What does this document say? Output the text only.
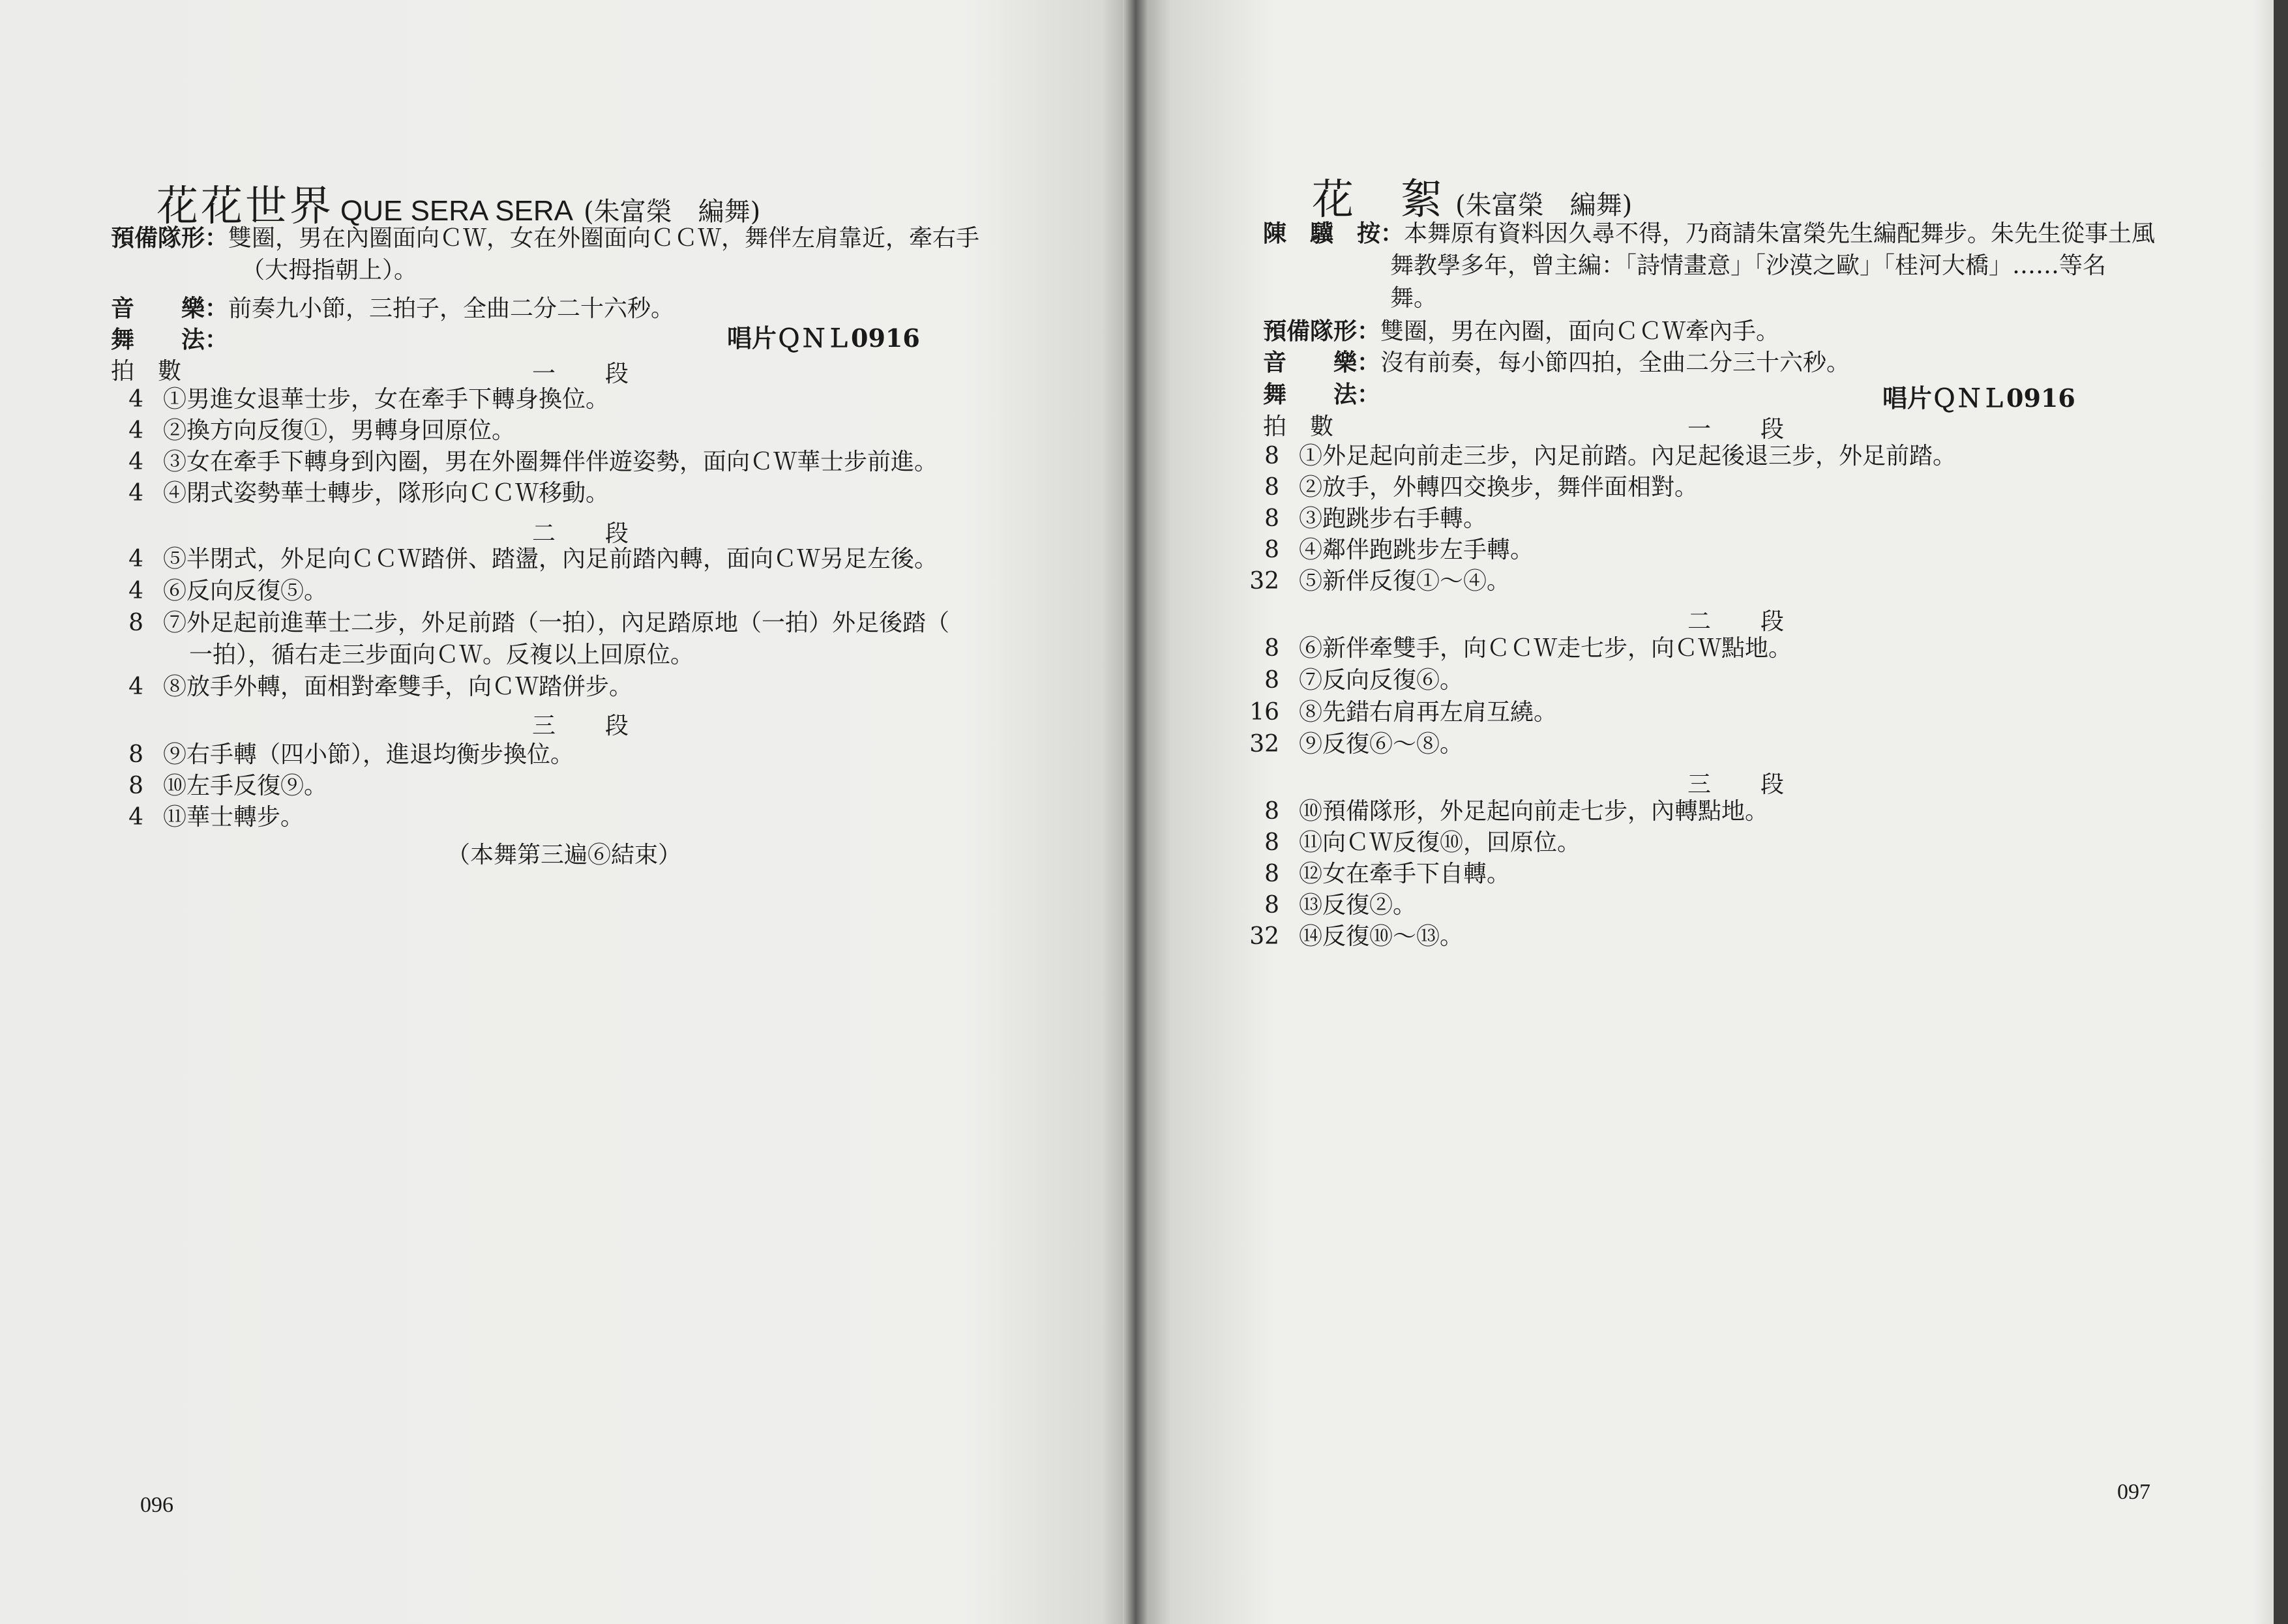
花花世界 QUE SERA SERA (朱富榮　編舞)
預備隊形：雙圈，男在內圈面向ＣＷ，女在外圈面向ＣＣＷ，舞伴左肩靠近，牽右手
（大拇指朝上）。
音　　樂：前奏九小節，三拍子，全曲二分二十六秒。
舞　　法：	唱片ＱＮＬ0916
拍　數	一　段
4 ①男進女退華士步，女在牽手下轉身換位。
4 ②換方向反復①，男轉身回原位。
4 ③女在牽手下轉身到內圈，男在外圈舞伴伴遊姿勢，面向ＣＷ華士步前進。
4 ④閉式姿勢華士轉步，隊形向ＣＣＷ移動。
二　段
4 ⑤半閉式，外足向ＣＣＷ踏併、踏盪，內足前踏內轉，面向ＣＷ另足左後。
4 ⑥反向反復⑤。
8 ⑦外足起前進華士二步，外足前踏（一拍），內足踏原地（一拍）外足後踏（
一拍），循右走三步面向ＣＷ。反複以上回原位。
4 ⑧放手外轉，面相對牽雙手，向ＣＷ踏併步。
三　段
8 ⑨右手轉（四小節），進退均衡步換位。
8 ⑩左手反復⑨。
4 ⑪華士轉步。
（本舞第三遍⑥結束）
096
花　絮 (朱富榮　編舞)
陳　驥　按：本舞原有資料因久尋不得，乃商請朱富榮先生編配舞步。朱先生從事土風
舞教學多年，曾主編：「詩情畫意」「沙漠之歐」「桂河大橋」……等名
舞。
預備隊形：雙圈，男在內圈，面向ＣＣＷ牽內手。
音　　樂：沒有前奏，每小節四拍，全曲二分三十六秒。
舞　　法：	唱片ＱＮＬ0916
拍　數	一　段
8 ①外足起向前走三步，內足前踏。內足起後退三步，外足前踏。
8 ②放手，外轉四交換步，舞伴面相對。
8 ③跑跳步右手轉。
8 ④鄰伴跑跳步左手轉。
32 ⑤新伴反復①～④。
二　段
8 ⑥新伴牽雙手，向ＣＣＷ走七步，向ＣＷ點地。
8 ⑦反向反復⑥。
16 ⑧先錯右肩再左肩互繞。
32 ⑨反復⑥～⑧。
三　段
8 ⑩預備隊形，外足起向前走七步，內轉點地。
8 ⑪向ＣＷ反復⑩，回原位。
8 ⑫女在牽手下自轉。
8 ⑬反復②。
32 ⑭反復⑩～⑬。
097
